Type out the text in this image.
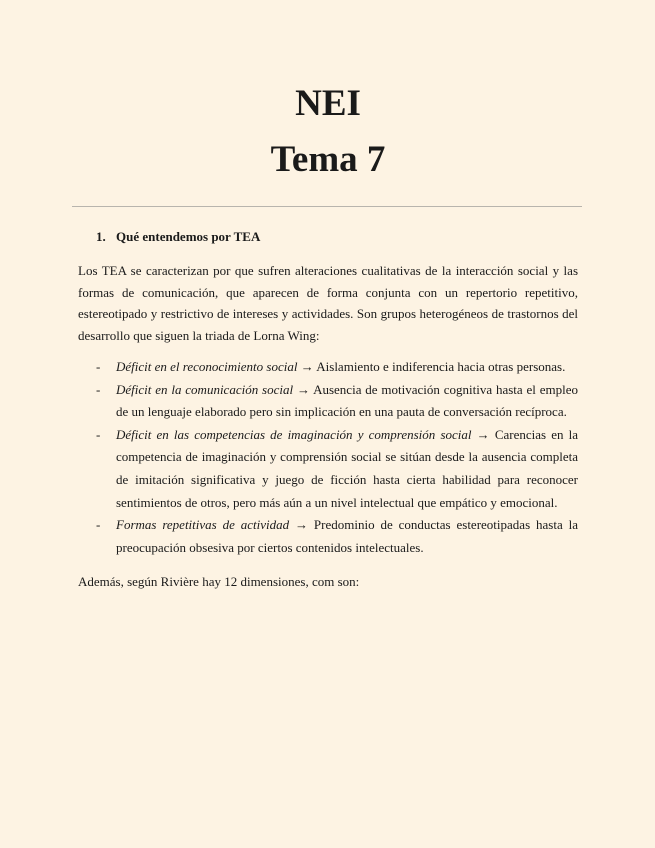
NEI
Tema 7
1. Qué entendemos por TEA

Los TEA se caracterizan por que sufren alteraciones cualitativas de la interacción social y las formas de comunicación, que aparecen de forma conjunta con un repertorio repetitivo, estereotipado y restrictivo de intereses y actividades. Son grupos heterogéneos de trastornos del desarrollo que siguen la triada de Lorna Wing:

- Déficit en el reconocimiento social → Aislamiento e indiferencia hacia otras personas.
- Déficit en la comunicación social → Ausencia de motivación cognitiva hasta el empleo de un lenguaje elaborado pero sin implicación en una pauta de conversación recíproca.
- Déficit en las competencias de imaginación y comprensión social → Carencias en la competencia de imaginación y comprensión social se sitúan desde la ausencia completa de imitación significativa y juego de ficción hasta cierta habilidad para reconocer sentimientos de otros, pero más aún a un nivel intelectual que empático y emocional.
- Formas repetitivas de actividad → Predominio de conductas estereotipadas hasta la preocupación obsesiva por ciertos contenidos intelectuales.

Además, según Rivière hay 12 dimensiones, com son:
